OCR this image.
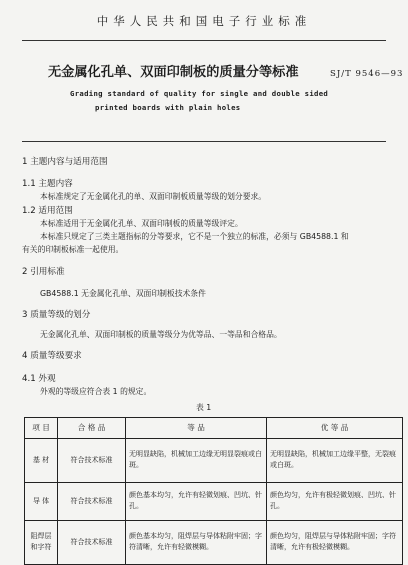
中华人民共和国电子行业标准
无金属化孔单、双面印制板的质量分等标准	SJ/T 9546—93
Grading standard of quality for single and double sided
printed boards with plain holes
1 主题内容与适用范围
1.1 主题内容
本标准规定了无金属化孔的单、双面印制板质量等级的划分要求。
1.2 适用范围
本标准适用于无金属化孔单、双面印制板的质量等级评定。
本标准只规定了三类主题指标的分等要求，它不是一个独立的标准，必须与 GB4588.1 和
有关的印制板标准一起使用。
2 引用标准
GB4588.1 无金属化孔单、双面印制板技术条件
3 质量等级的划分
无金属化孔单、双面印制板的质量等级分为优等品、一等品和合格品。
4 质量等级要求
4.1 外观
外观的等级应符合表 1 的规定。
表 1
项 目	合 格 品	等 品	优 等 品
基 材	符合技术标准	无明显缺陷，机械加工边缘无明显裂痕或白斑。	无明显缺陷，机械加工边缘平整，无裂痕或白斑。
导 体	符合技术标准	颜色基本均匀，允许有轻微划痕、凹坑、针孔。	颜色均匀，允许有极轻微划痕、凹坑、针孔。
阻焊层和字符	符合技术标准	颜色基本均匀，阻焊层与导体粘附牢固；字符清晰，允许有轻微模糊。	颜色均匀，阻焊层与导体粘附牢固；字符清晰，允许有极轻微模糊。
